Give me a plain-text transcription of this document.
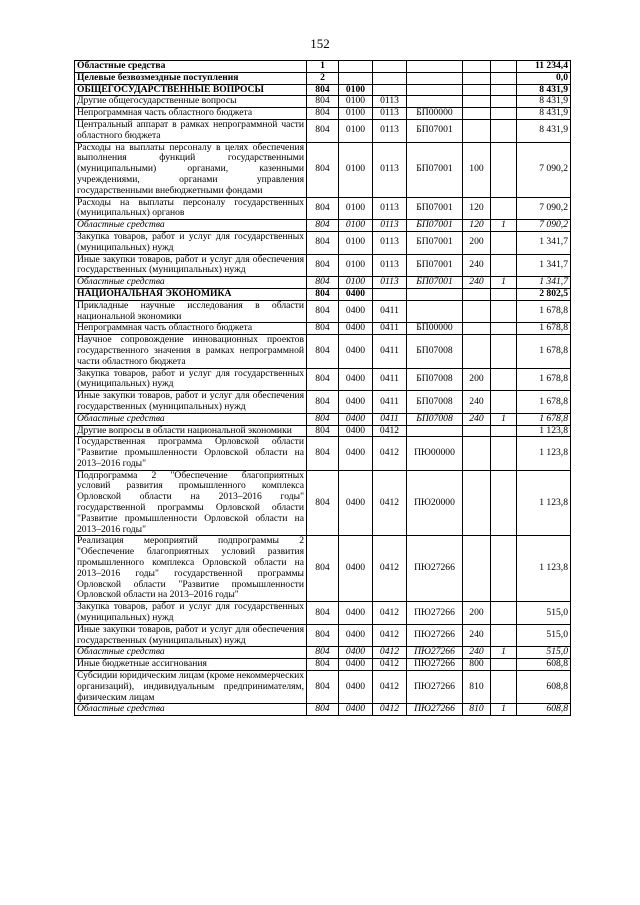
152
Областные средства	1						11 234,4
Целевые безвозмездные поступления	2						0,0
ОБЩЕГОСУДАРСТВЕННЫЕ ВОПРОСЫ	804	0100					8 431,9
Другие общегосударственные вопросы	804	0100	0113				8 431,9
Непрограммная часть областного бюджета	804	0100	0113	БП00000			8 431,9
Центральный аппарат в рамках непрограммной части областного бюджета	804	0100	0113	БП07001			8 431,9
Расходы на выплаты персоналу в целях обеспечения выполнения функций государственными (муниципальными) органами, казенными учреждениями, органами управления государственными внебюджетными фондами	804	0100	0113	БП07001	100		7 090,2
Расходы на выплаты персоналу государственных (муниципальных) органов	804	0100	0113	БП07001	120		7 090,2
Областные средства	804	0100	0113	БП07001	120	1	7 090,2
Закупка товаров, работ и услуг для государственных (муниципальных) нужд	804	0100	0113	БП07001	200		1 341,7
Иные закупки товаров, работ и услуг для обеспечения государственных (муниципальных) нужд	804	0100	0113	БП07001	240		1 341,7
Областные средства	804	0100	0113	БП07001	240	1	1 341,7
НАЦИОНАЛЬНАЯ ЭКОНОМИКА	804	0400					2 802,5
Прикладные научные исследования в области национальной экономики	804	0400	0411				1 678,8
Непрограммная часть областного бюджета	804	0400	0411	БП00000			1 678,8
Научное сопровождение инновационных проектов государственного значения в рамках непрограммной части областного бюджета	804	0400	0411	БП07008			1 678,8
Закупка товаров, работ и услуг для государственных (муниципальных) нужд	804	0400	0411	БП07008	200		1 678,8
Иные закупки товаров, работ и услуг для обеспечения государственных (муниципальных) нужд	804	0400	0411	БП07008	240		1 678,8
Областные средства	804	0400	0411	БП07008	240	1	1 678,8
Другие вопросы в области национальной экономики	804	0400	0412				1 123,8
Государственная программа Орловской области "Развитие промышленности Орловской области на 2013–2016 годы"	804	0400	0412	ПЮ00000			1 123,8
Подпрограмма 2 "Обеспечение благоприятных условий развития промышленного комплекса Орловской области на 2013–2016 годы" государственной программы Орловской области "Развитие промышленности Орловской области на 2013–2016 годы"	804	0400	0412	ПЮ20000			1 123,8
Реализация мероприятий подпрограммы 2 "Обеспечение благоприятных условий развития промышленного комплекса Орловской области на 2013–2016 годы" государственной программы Орловской области "Развитие промышленности Орловской области на 2013–2016 годы"	804	0400	0412	ПЮ27266			1 123,8
Закупка товаров, работ и услуг для государственных (муниципальных) нужд	804	0400	0412	ПЮ27266	200		515,0
Иные закупки товаров, работ и услуг для обеспечения государственных (муниципальных) нужд	804	0400	0412	ПЮ27266	240		515,0
Областные средства	804	0400	0412	ПЮ27266	240	1	515,0
Иные бюджетные ассигнования	804	0400	0412	ПЮ27266	800		608,8
Субсидии юридическим лицам (кроме некоммерческих организаций), индивидуальным предпринимателям, физическим лицам	804	0400	0412	ПЮ27266	810		608,8
Областные средства	804	0400	0412	ПЮ27266	810	1	608,8
